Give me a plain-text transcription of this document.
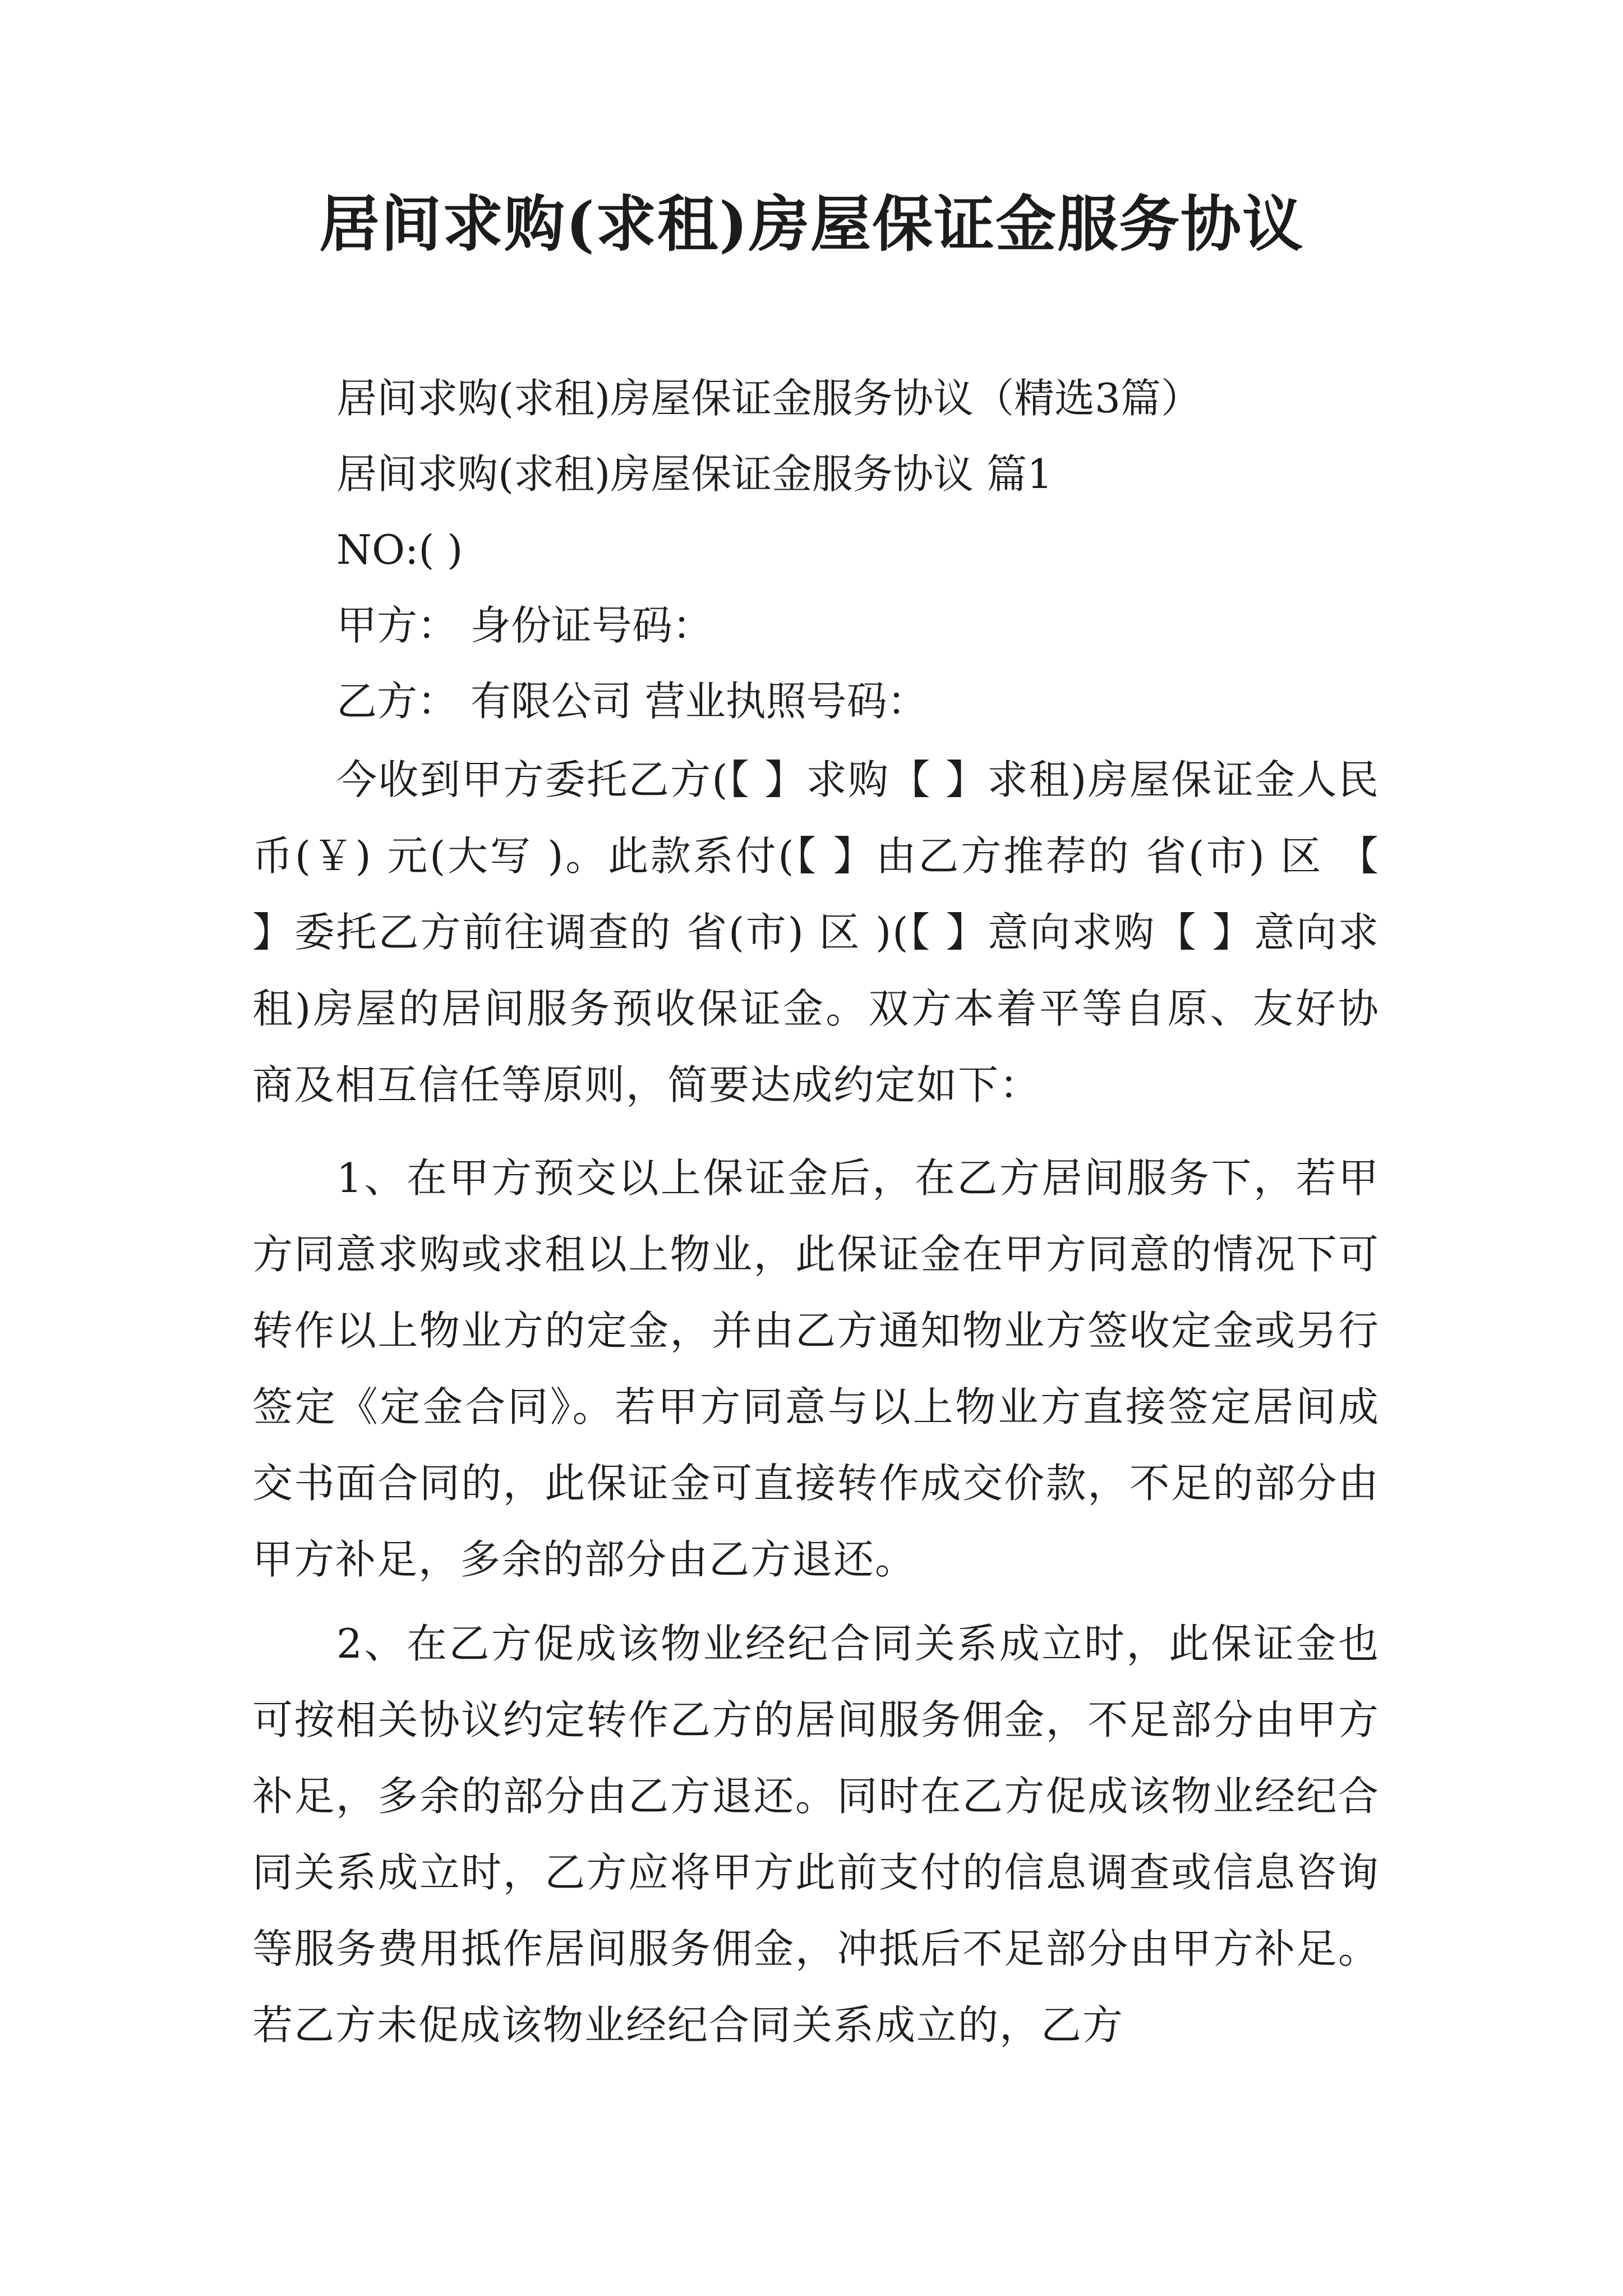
居间求购(求租)房屋保证金服务协议
居间求购(求租)房屋保证金服务协议（精选3篇）
居间求购(求租)房屋保证金服务协议 篇1
NO:( )
甲方： 身份证号码：
乙方： 有限公司 营业执照号码：

今收到甲方委托乙方(【 】求购【 】求租)房屋保证金人民币(￥) 元(大写 )。此款系付(【 】由乙方推荐的 省(市) 区 【 】委托乙方前往调查的 省(市) 区 )(【 】意向求购【 】意向求租)房屋的居间服务预收保证金。双方本着平等自原、友好协商及相互信任等原则，简要达成约定如下：

1、在甲方预交以上保证金后，在乙方居间服务下，若甲方同意求购或求租以上物业，此保证金在甲方同意的情况下可转作以上物业方的定金，并由乙方通知物业方签收定金或另行签定《定金合同》。若甲方同意与以上物业方直接签定居间成交书面合同的，此保证金可直接转作成交价款，不足的部分由甲方补足，多余的部分由乙方退还。

2、在乙方促成该物业经纪合同关系成立时，此保证金也可按相关协议约定转作乙方的居间服务佣金，不足部分由甲方补足，多余的部分由乙方退还。同时在乙方促成该物业经纪合同关系成立时，乙方应将甲方此前支付的信息调查或信息咨询等服务费用抵作居间服务佣金，冲抵后不足部分由甲方补足。若乙方未促成该物业经纪合同关系成立的，乙方
